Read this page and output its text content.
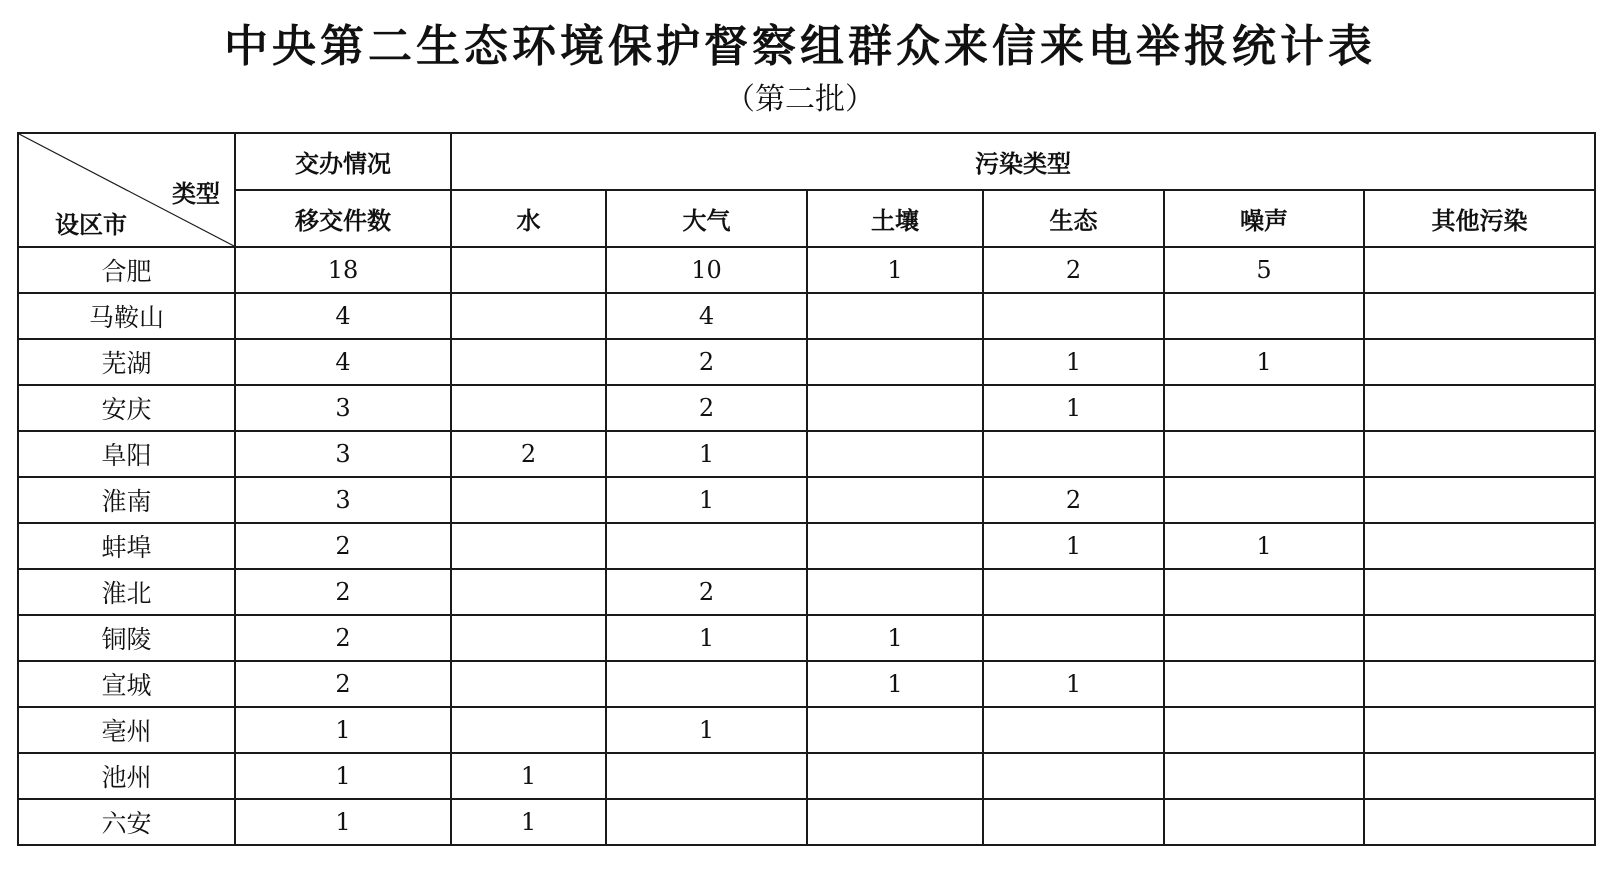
中央第二生态环境保护督察组群众来信来电举报统计表
（第二批）
类型
设区市	交办情况	污染类型					
	移交件数	水	大气	土壤	生态	噪声	其他污染
合肥	18		10	1	2	5	
马鞍山	4		4				
芜湖	4		2		1	1	
安庆	3		2		1		
阜阳	3	2	1				
淮南	3		1		2		
蚌埠	2				1	1	
淮北	2		2				
铜陵	2		1	1			
宣城	2			1	1		
亳州	1		1				
池州	1	1					
六安	1	1					
